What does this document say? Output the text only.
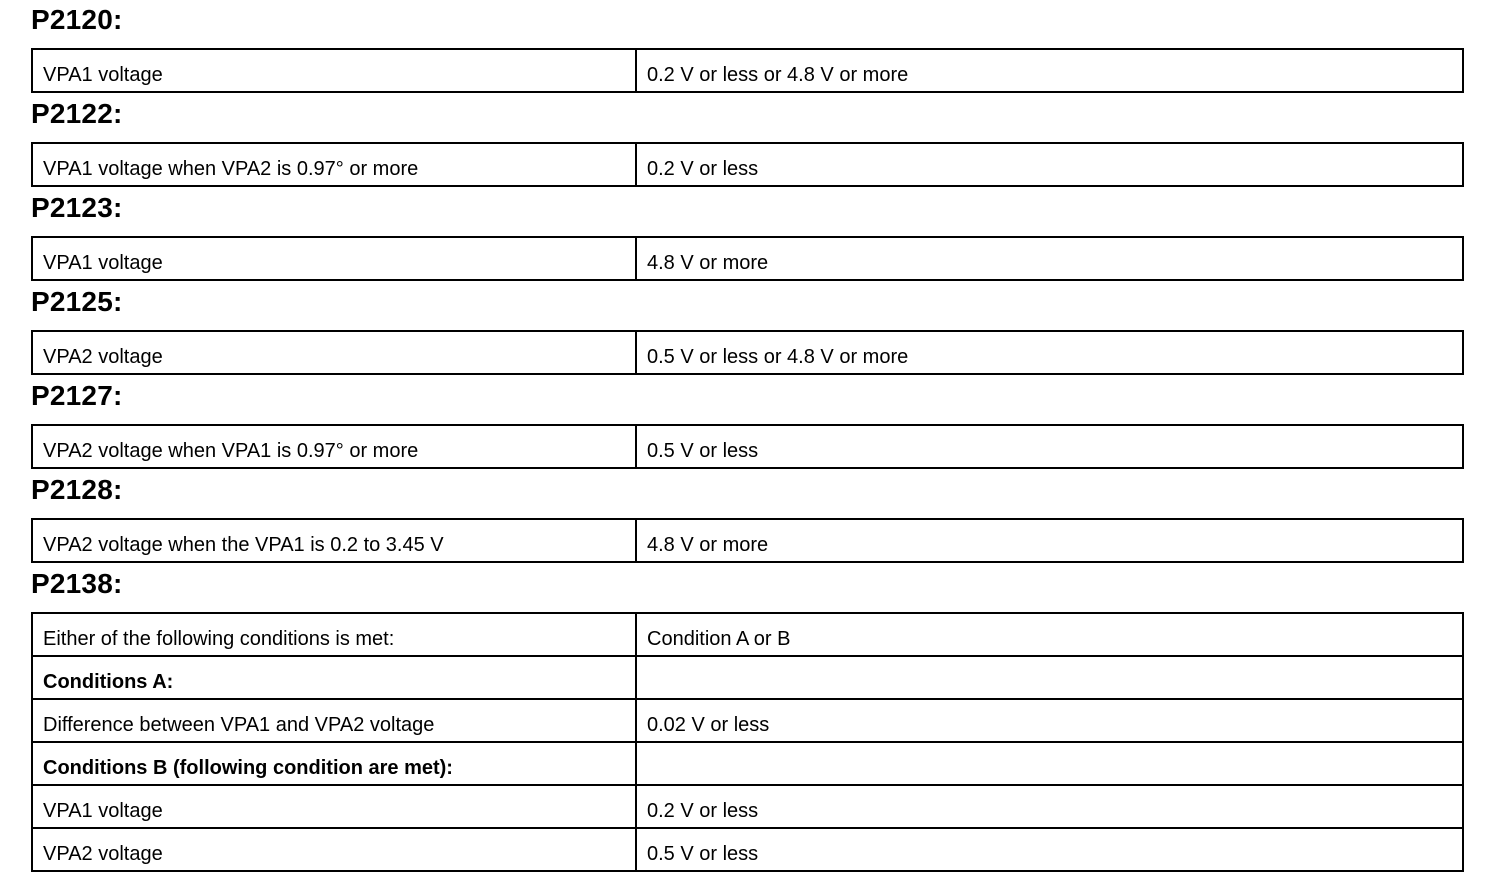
P2120:
VPA1 voltage	0.2 V or less or 4.8 V or more
P2122:
VPA1 voltage when VPA2 is 0.97° or more	0.2 V or less
P2123:
VPA1 voltage	4.8 V or more
P2125:
VPA2 voltage	0.5 V or less or 4.8 V or more
P2127:
VPA2 voltage when VPA1 is 0.97° or more	0.5 V or less
P2128:
VPA2 voltage when the VPA1 is 0.2 to 3.45 V	4.8 V or more
P2138:
Either of the following conditions is met:	Condition A or B
Conditions A:	
Difference between VPA1 and VPA2 voltage	0.02 V or less
Conditions B (following condition are met):	
VPA1 voltage	0.2 V or less
VPA2 voltage	0.5 V or less
